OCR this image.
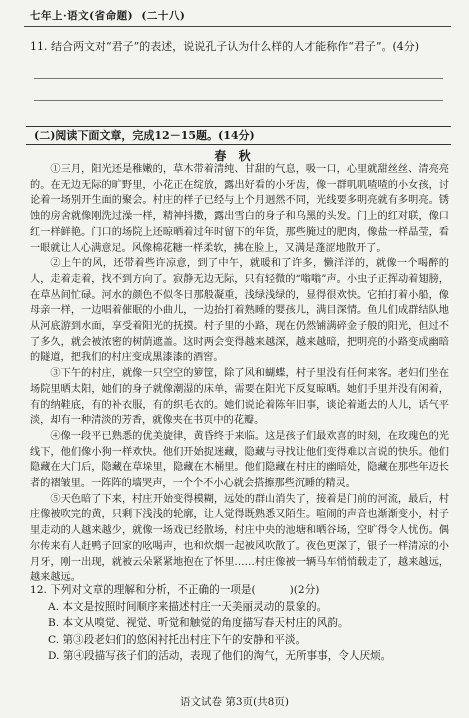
七年上·语文(省命题) (二十八)
11. 结合两文对“君子”的表述，说说孔子认为什么样的人才能称作“君子”。(4分)
(二)阅读下面文章，完成12－15题。(14分)
春 秋

①三月，阳光还是稚嫩的，草木带着清纯、甘甜的气息，吸一口，心里就甜丝丝、清亮亮的。在无边无际的旷野里，小花正在绽放，露出好看的小牙齿，像一群叽叽喳喳的小女孩，讨论着一场别开生面的聚会。村庄的样子已经与上个月迥然不同，光线要多明亮就有多明亮。锈蚀的房舍就像刚洗过澡一样，精神抖擞，露出雪白的身子和乌黑的头发。门上的红对联，像口红一样鲜艳。门口的场院上还晾晒着过年时留下的年货，那些腌过的肥肉，像盐一样晶莹，看一眼就让人心满意足。风像棉花糖一样柔软，拂在脸上，又满是蓬涩地散开了。

②上午的风，还带着些许凉意，到了中午，就暖和了许多，懒洋洋的，就像一个喝醉的人，走着走着，找不到方向了。寂静无边无际，只有轻微的“嗡嗡”声。小虫子正挥动着翅膀，在草丛间忙碌。河水的颜色不似冬日那般凝重，浅绿浅绿的，显得很欢快。它拍打着小船，像母亲一样，一边唱着催眠的小曲儿，一边抬打着熟睡的婴孩儿，满目深情。鱼儿们成群结队地从河底游到水面，享受着阳光的抚摸。村子里的小路，现在仍然铺满碎金子般的阳光，但过不了多久，就会被浓密的树荫遮盖。这时两会变得越来越深，越来越暗，把明亮的小路变成幽暗的隧道，把我们的村庄变成黑漆漆的酒窖。

③下午的村庄，就像一只空空的箩筐，除了风和蝴蝶，村子里没有任何来客。老妇们坐在场院里晒太阳，她们的身子就像潮湿的床单，需要在阳光下反复晾晒。她们手里并没有闲着，有的纳鞋底，有的补衣服，有的织毛衣的。她们说论着陈年旧事，谈论着逝去的人儿，话气平淡，却有一种清淡的芳香，就像夹在书页中的花瓣。

④像一段平已熟悉的优美旋律，黄昏终于来临。这是孩子们最欢喜的时刻，在玫瑰色的光线下，他们像小狗一样欢快。他们开始捉迷藏，隐藏与寻找让他们变得难以言说的快乐。他们隐藏在大门后，隐藏在草垛里，隐藏在木桶里。他们隐藏在村庄的幽暗处，隐藏在那些年迈长者的褶皱里。一阵阵的墙哭声，一个个不小心就会搭擦那些沉睡的精灵。

⑤天色暗了下来，村庄开始变得模糊，远处的群山消失了，接着是门前的河流，最后，村庄像被吹完的黄，只剩下浅浅的轮廓，让人觉得既熟悉又陌生。喧闹的声音也渐渐变小，村子里走动的人越来越少，就像一场戏已经散场，村庄中央的池塘和晒谷场，空旷得令人忧伤。偶尔传来有人赶鸭子回家的吆喝声，也和炊烟一起被风吹散了。夜色更深了，银子一样清凉的小月牙，刚一出现，就被云朵紧紧地抱在了怀里……村庄像被一辆马车悄悄载走了，越来越远，越来越远。

12. 下列对文章的理解和分析，不正确的一项是(	)(2分)
A. 本文是按照时间顺序来描述村庄一天美丽灵动的景象的。
B. 本文从嗅觉、视觉、听觉和触觉的角度描写春天村庄的风韵。
C. 第③段老妇们的悠闲衬托出村庄下午的安静和平淡。
D. 第④段描写孩子们的活动，表现了他们的淘气，无所事事，令人厌烦。
语文试卷 第3页(共8页)
